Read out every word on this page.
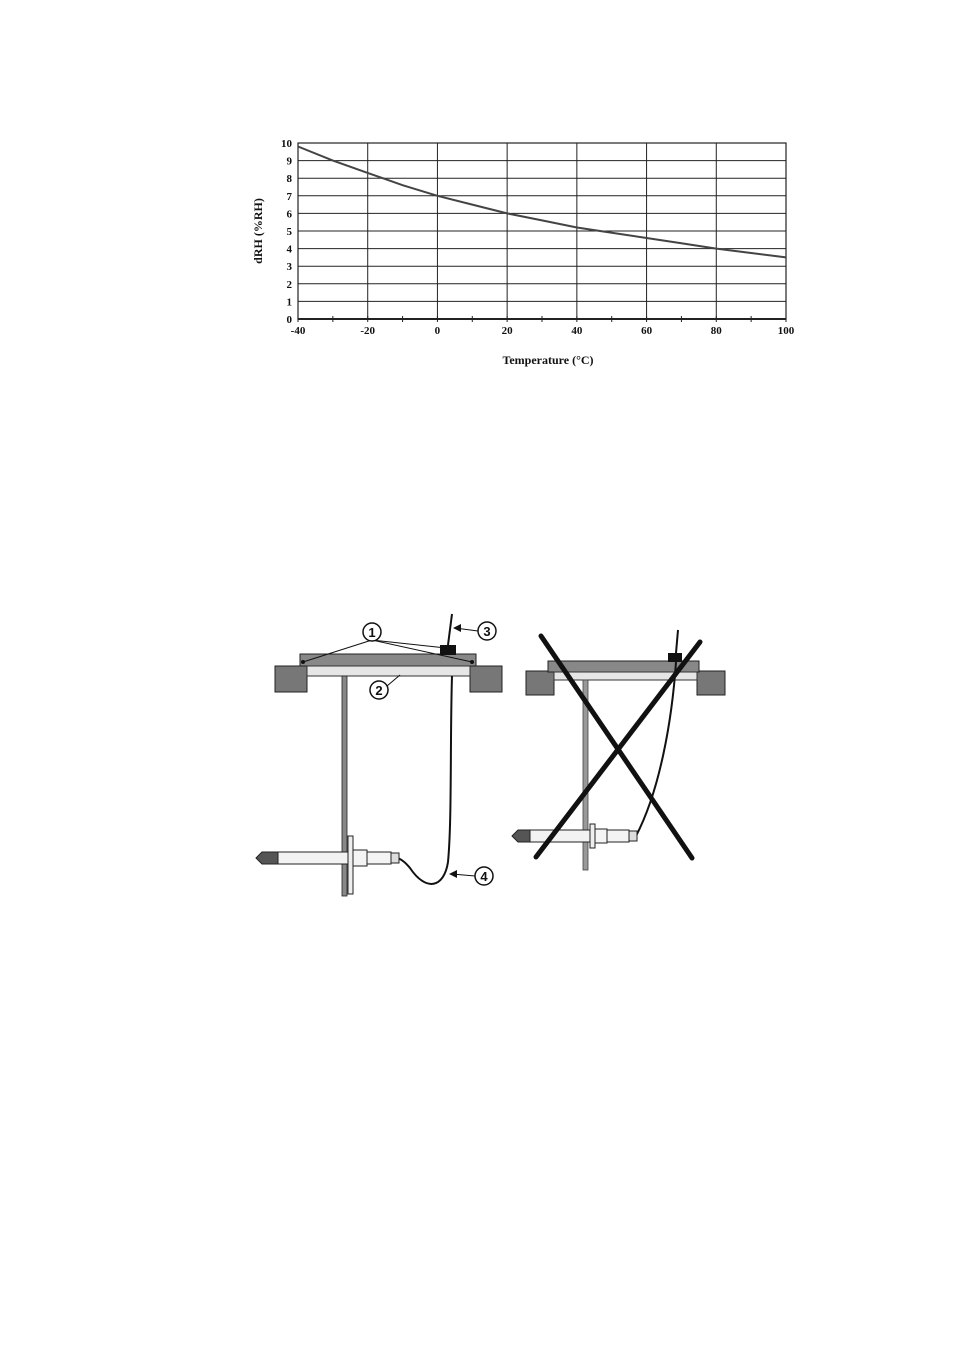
0
1
2
3
4
5
6
7
8
9
10
-40	-20	0	20	40	60	80	100
dRH (%RH)
Temperature (°C)
1
2
3
4
